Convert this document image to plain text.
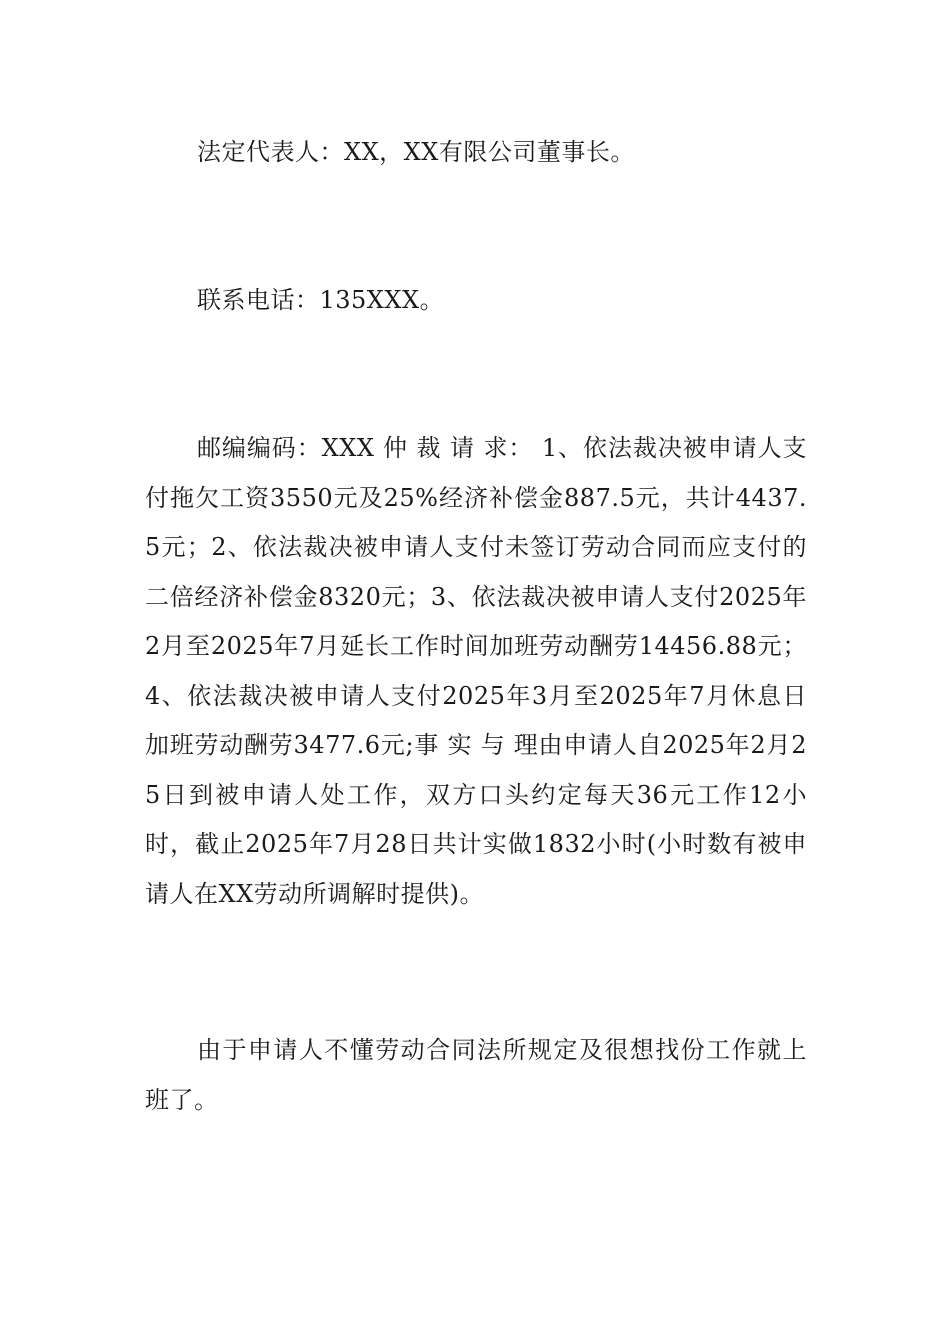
法定代表人：XX，XX有限公司董事长。

联系电话：135XXX。

邮编编码：XXX 仲 裁 请 求： 1、依法裁决被申请人支付拖欠工资3550元及25%经济补偿金887.5元，共计4437.5元；2、依法裁决被申请人支付未签订劳动合同而应支付的二倍经济补偿金8320元；3、依法裁决被申请人支付2025年2月至2025年7月延长工作时间加班劳动酬劳14456.88元； 4、依法裁决被申请人支付2025年3月至2025年7月休息日加班劳动酬劳3477.6元;事 实 与 理由申请人自2025年2月25日到被申请人处工作，双方口头约定每天36元工作12小时，截止2025年7月28日共计实做1832小时(小时数有被申请人在XX劳动所调解时提供)。

由于申请人不懂劳动合同法所规定及很想找份工作就上班了。
